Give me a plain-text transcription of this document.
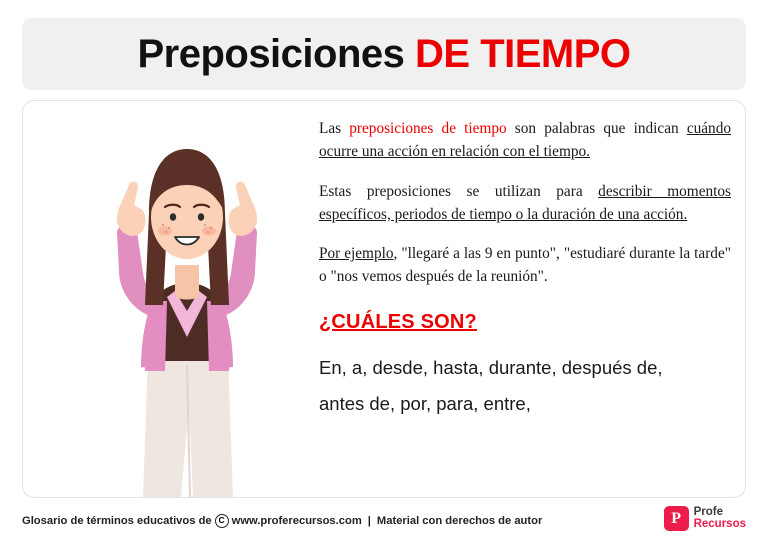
Preposiciones DE TIEMPO

Las preposiciones de tiempo son palabras que indican cuándo ocurre una acción en relación con el tiempo.

Estas preposiciones se utilizan para describir momentos específicos, periodos de tiempo o la duración de una acción.

Por ejemplo, "llegaré a las 9 en punto", "estudiaré durante la tarde" o "nos vemos después de la reunión".

¿CUÁLES SON?
En, a, desde, hasta, durante, después de,
antes de, por, para, entre,
Glosario de términos educativos de C www.proferecursos.com | Material con derechos de autor	P	Profe
Recursos
